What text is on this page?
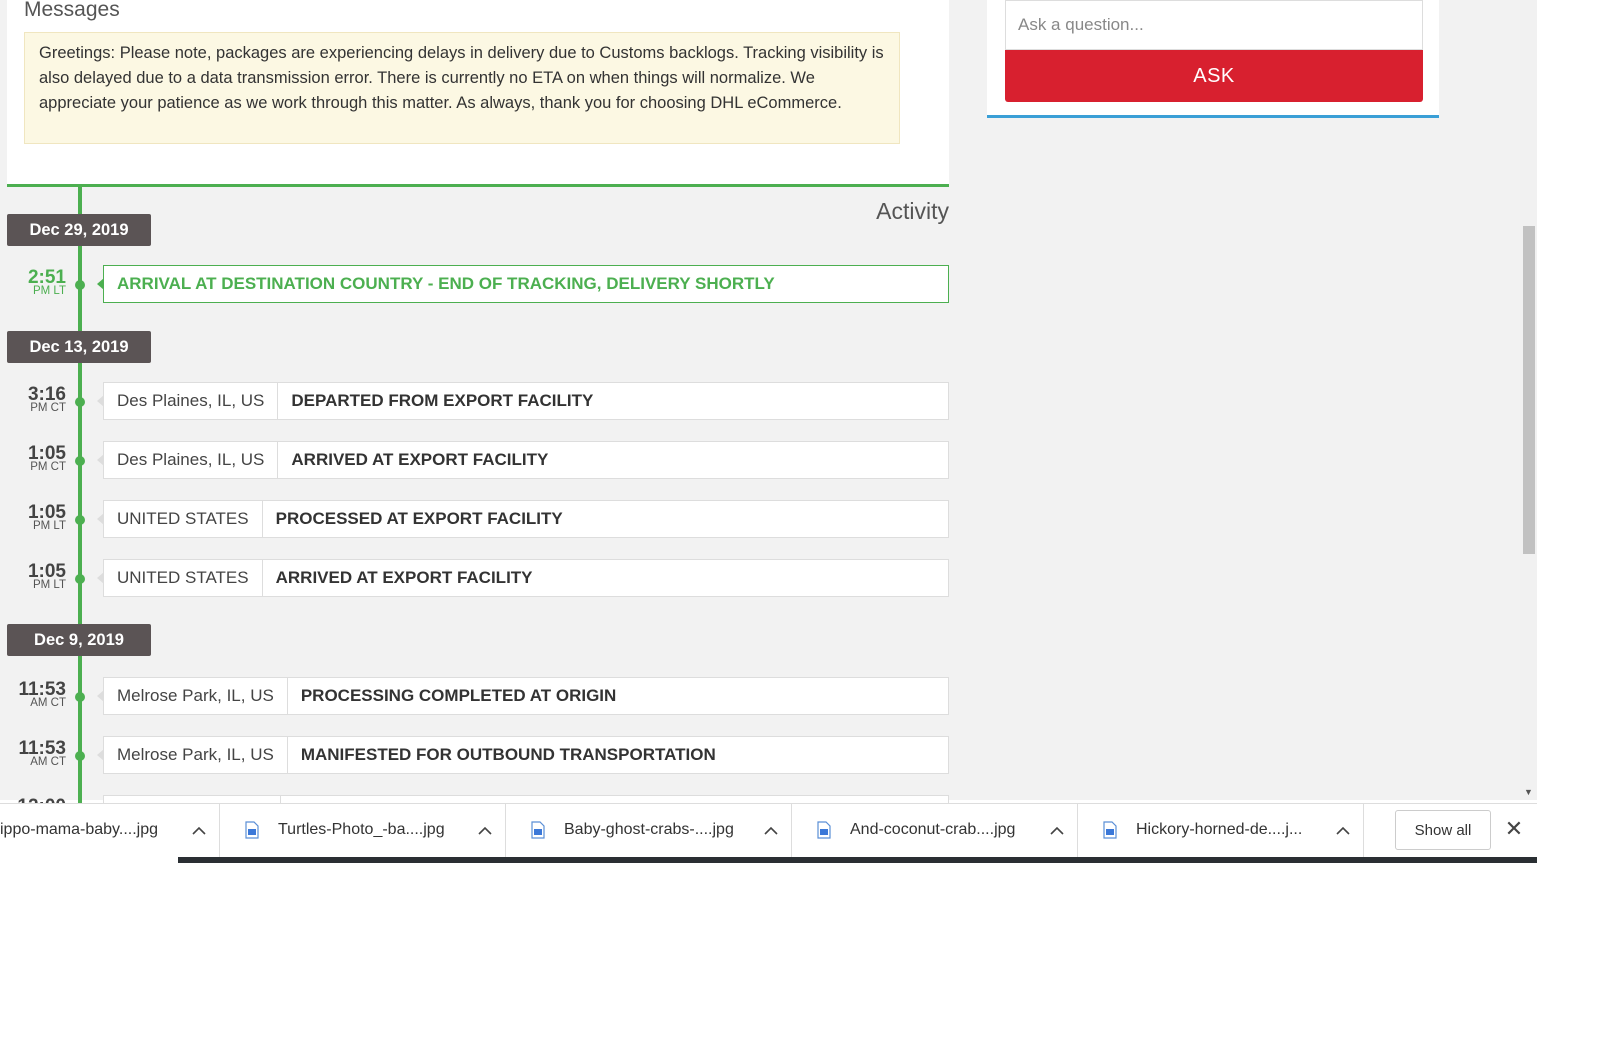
Messages
Greetings: Please note, packages are experiencing delays in delivery due to Customs backlogs. Tracking visibility is also delayed due to a data transmission error. There is currently no ETA on when things will normalize. We appreciate your patience as we work through this matter. As always, thank you for choosing DHL eCommerce.
Ask a question...
ASK
Activity
Dec 29, 2019
2:51
PM LT	ARRIVAL AT DESTINATION COUNTRY - END OF TRACKING, DELIVERY SHORTLY
Dec 13, 2019
3:16
PM CT	Des Plaines, IL, US	DEPARTED FROM EXPORT FACILITY
1:05
PM CT	Des Plaines, IL, US	ARRIVED AT EXPORT FACILITY
1:05
PM LT	UNITED STATES	PROCESSED AT EXPORT FACILITY
1:05
PM LT	UNITED STATES	ARRIVED AT EXPORT FACILITY
Dec 9, 2019
11:53
AM CT	Melrose Park, IL, US	PROCESSING COMPLETED AT ORIGIN
11:53
AM CT	Melrose Park, IL, US	MANIFESTED FOR OUTBOUND TRANSPORTATION
▼
ippo-mama-baby....jpg	Turtles-Photo_-ba....jpg	Baby-ghost-crabs-....jpg	And-coconut-crab....jpg	Hickory-horned-de....j...	Show all	✕
